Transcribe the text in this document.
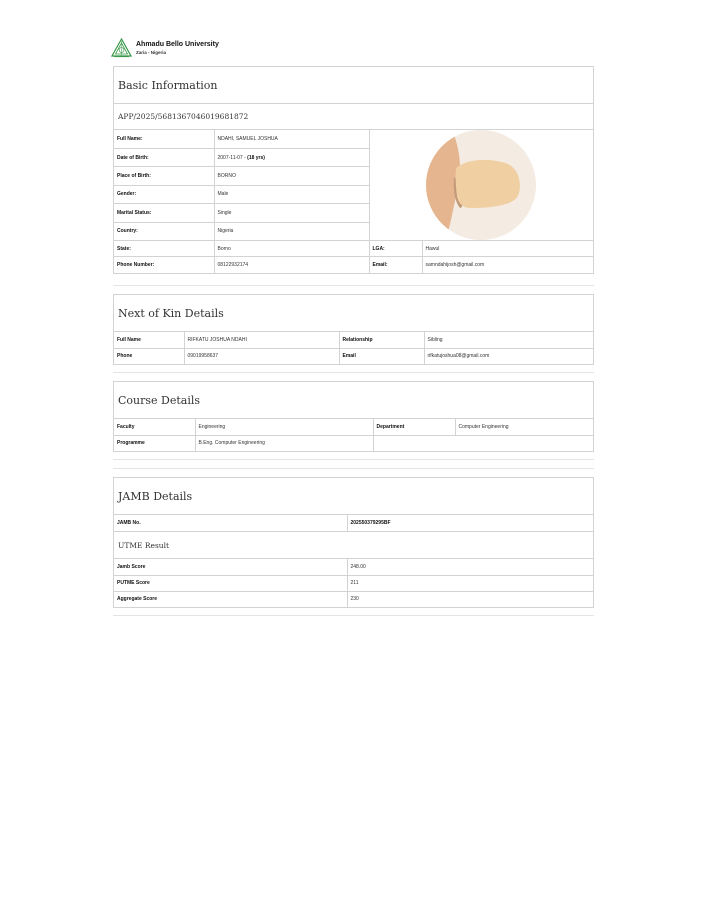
Ahmadu Bello University
Zaria - Nigeria
Basic Information
APP/2025/5681367046019681872
Full Name:	NDAHI, SAMUEL JOSHUA	

Date of Birth:	2007-11-07 - (18 yrs)		
Place of Birth:	BORNO		
Gender:	Male		
Marital Status:	Single		
Country:	Nigeria		
State:	Borno	LGA:	Hawul
Phone Number:	08122932174	Email:	samndahijosh@gmail.com
Next of Kin Details
Full Name	RIFKATU JOSHUA NDAHI	Relationship	Sibling
Phone	09019958637	Email	rifkatujoshua08@gmail.com
Course Details
Faculty	Engineering	Department	Computer Engineering
Programme	B.Eng. Computer Engineering		
JAMB Details
JAMB No.	202550379295BF
UTME Result
Jamb Score	248.00
PUTME Score	211
Aggregate Score	230
